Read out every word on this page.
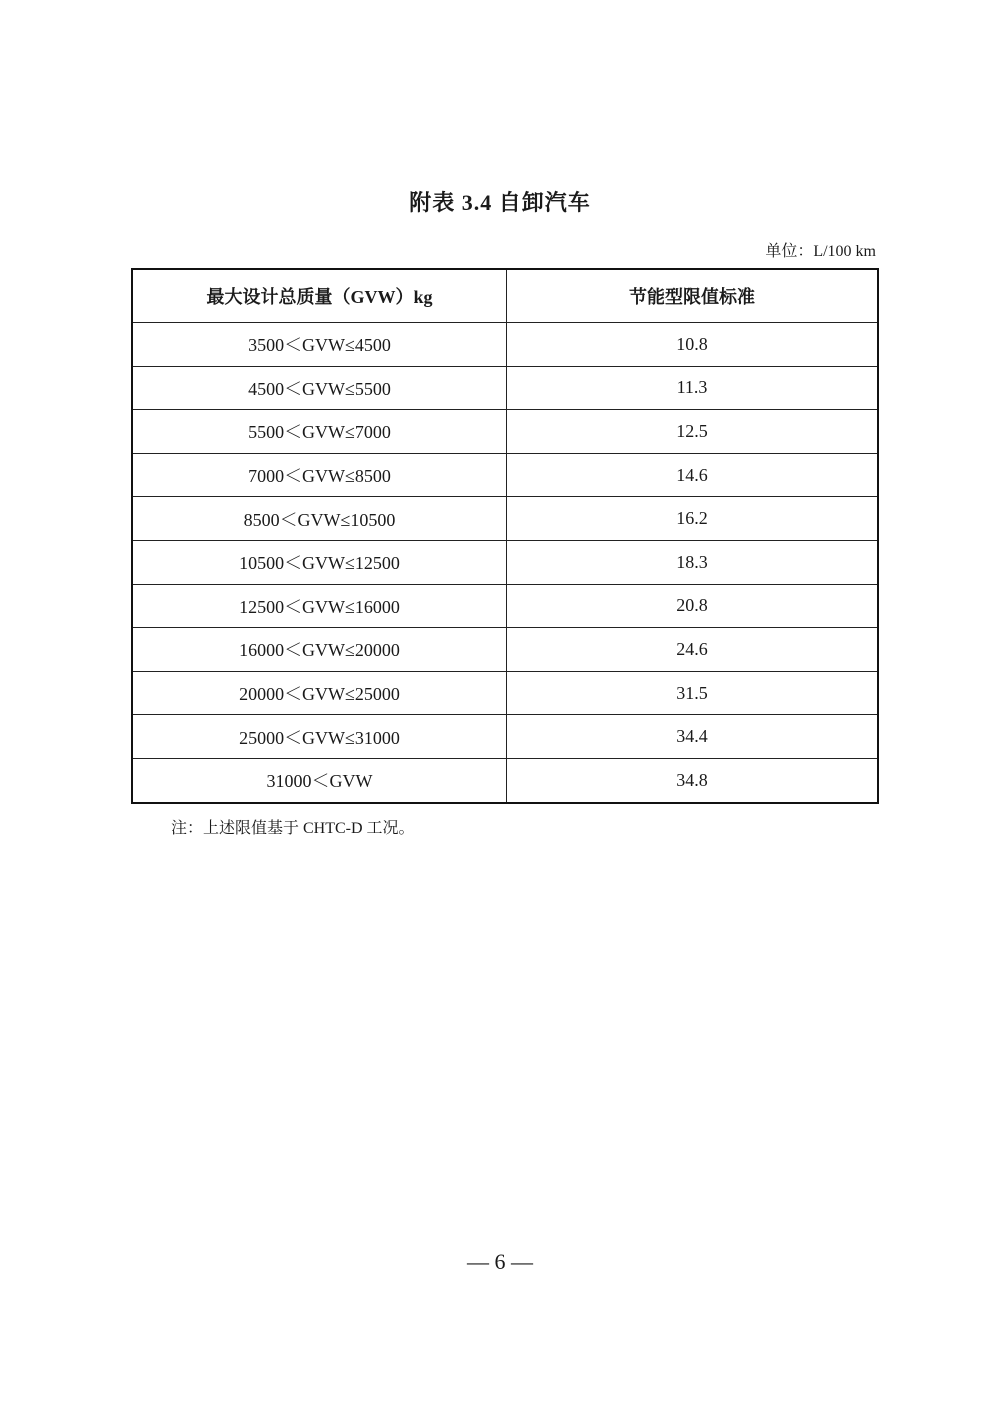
附表 3.4 自卸汽车
单位：L/100 km
最大设计总质量（GVW）kg	节能型限值标准
3500＜GVW≤4500	10.8
4500＜GVW≤5500	11.3
5500＜GVW≤7000	12.5
7000＜GVW≤8500	14.6
8500＜GVW≤10500	16.2
10500＜GVW≤12500	18.3
12500＜GVW≤16000	20.8
16000＜GVW≤20000	24.6
20000＜GVW≤25000	31.5
25000＜GVW≤31000	34.4
31000＜GVW	34.8
注：上述限值基于 CHTC-D 工况。
— 6 —
